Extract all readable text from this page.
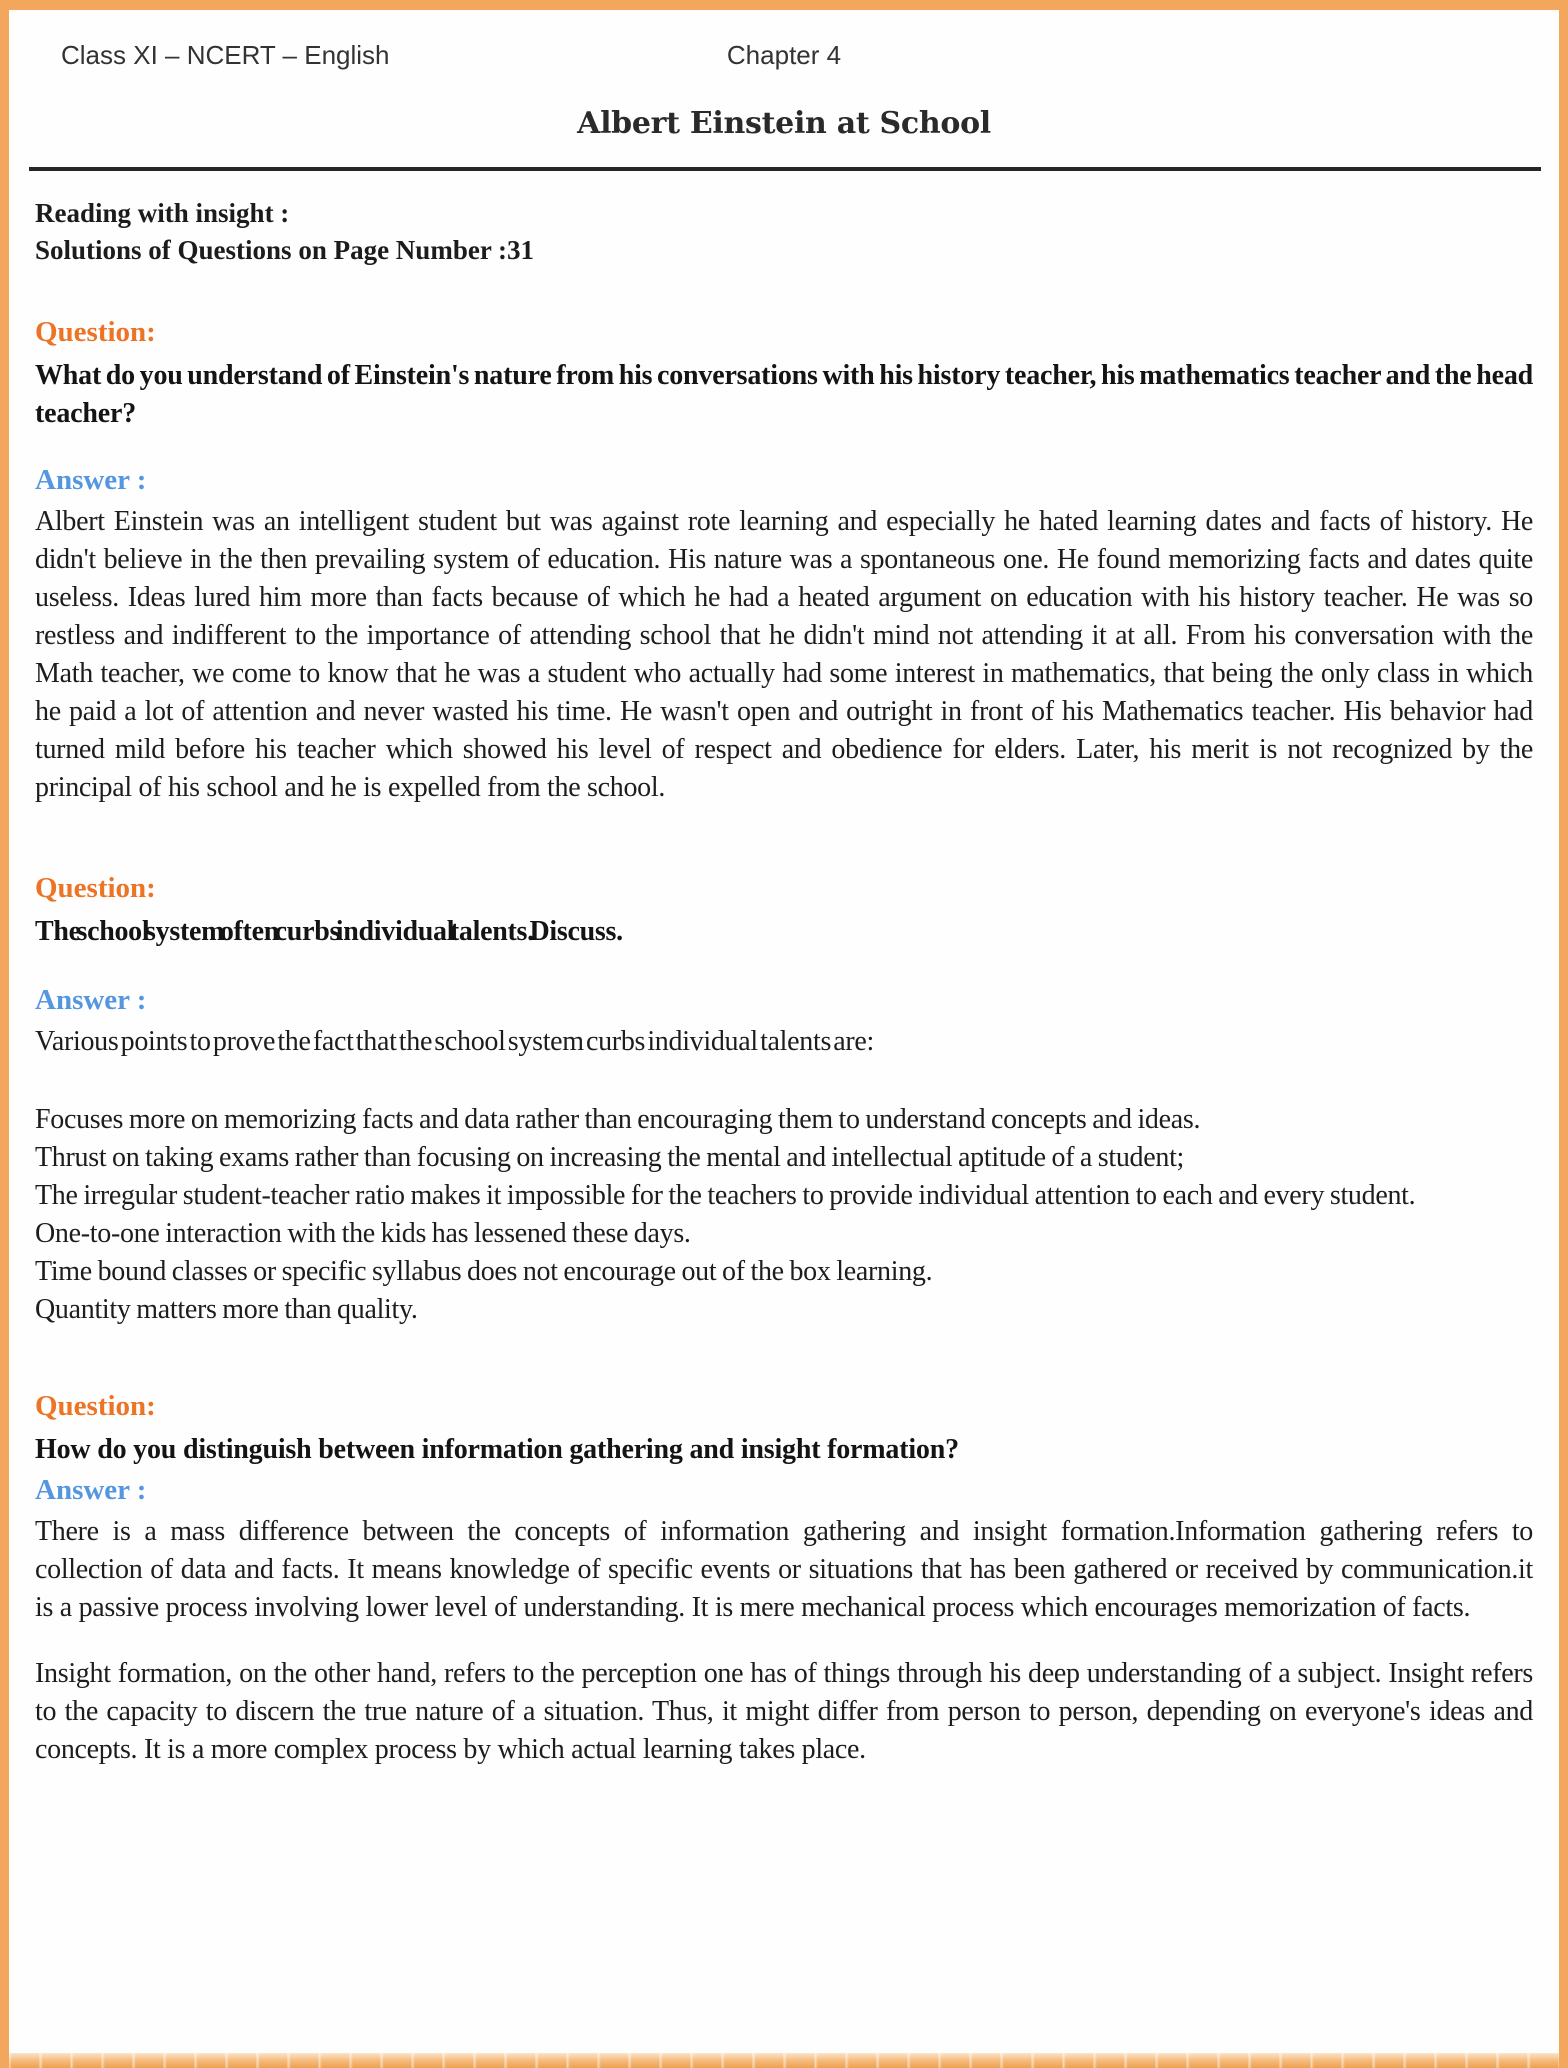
Class XI – NCERT – English	Chapter 4
Albert Einstein at School
Reading with insight :
Solutions of Questions on Page Number :31
Question:

What do you understand of Einstein's nature from his conversations with his history teacher, his mathematics teacher and the head teacher?

Answer :

Albert Einstein was an intelligent student but was against rote learning and especially he hated learning dates and facts of history. He didn't believe in the then prevailing system of education. His nature was a spontaneous one. He found memorizing facts and dates quite useless. Ideas lured him more than facts because of which he had a heated argument on education with his history teacher. He was so restless and indifferent to the importance of attending school that he didn't mind not attending it at all. From his conversation with the Math teacher, we come to know that he was a student who actually had some interest in mathematics, that being the only class in which he paid a lot of attention and never wasted his time. He wasn't open and outright in front of his Mathematics teacher. His behavior had turned mild before his teacher which showed his level of respect and obedience for elders. Later, his merit is not recognized by the principal of his school and he is expelled from the school.

Question:

The school system often curbs individual talents. Discuss.

Answer :

Various points to prove the fact that the school system curbs individual talents are:

Focuses more on memorizing facts and data rather than encouraging them to understand concepts and ideas.
Thrust on taking exams rather than focusing on increasing the mental and intellectual aptitude of a student;
The irregular student-teacher ratio makes it impossible for the teachers to provide individual attention to each and every student.
One-to-one interaction with the kids has lessened these days.
Time bound classes or specific syllabus does not encourage out of the box learning.
Quantity matters more than quality.
Question:

How do you distinguish between information gathering and insight formation?

Answer :

There is a mass difference between the concepts of information gathering and insight formation.Information gathering refers to collection of data and facts. It means knowledge of specific events or situations that has been gathered or received by communication.it is a passive process involving lower level of understanding. It is mere mechanical process which encourages memorization of facts.

Insight formation, on the other hand, refers to the perception one has of things through his deep understanding of a subject. Insight refers to the capacity to discern the true nature of a situation. Thus, it might differ from person to person, depending on everyone's ideas and concepts. It is a more complex process by which actual learning takes place.
